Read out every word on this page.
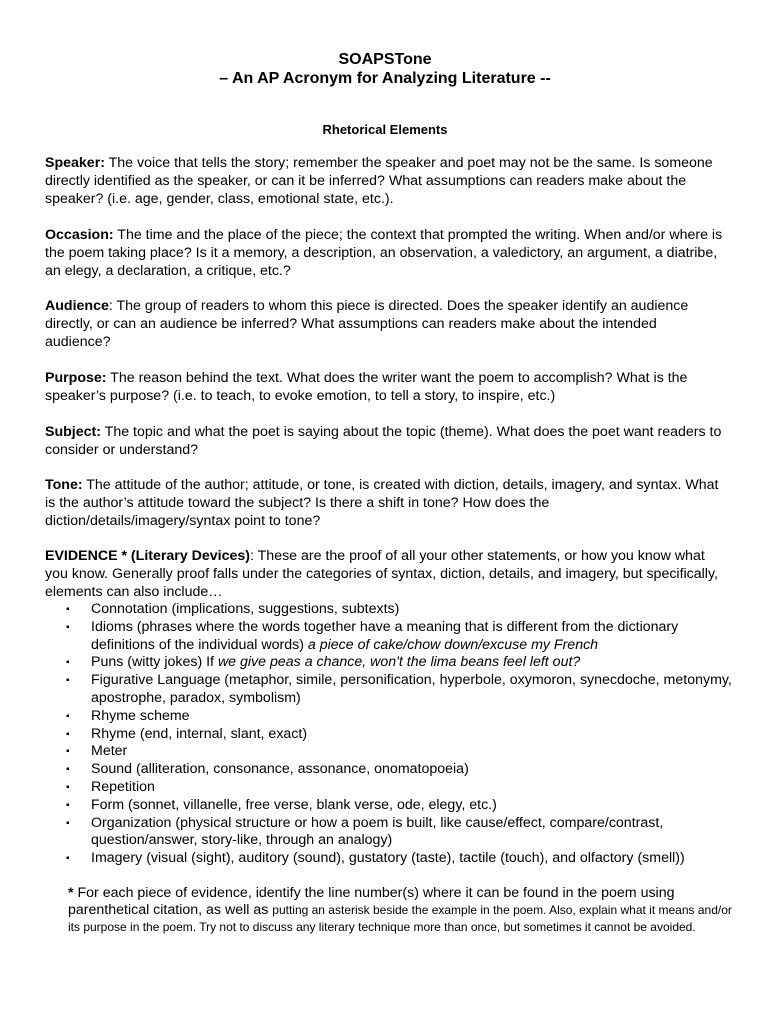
SOAPSTone
– An AP Acronym for Analyzing Literature --
Rhetorical Elements
Speaker: The voice that tells the story; remember the speaker and poet may not be the same. Is someone directly identified as the speaker, or can it be inferred? What assumptions can readers make about the speaker? (i.e. age, gender, class, emotional state, etc.).
Occasion: The time and the place of the piece; the context that prompted the writing. When and/or where is the poem taking place? Is it a memory, a description, an observation, a valedictory, an argument, a diatribe, an elegy, a declaration, a critique, etc.?
Audience: The group of readers to whom this piece is directed. Does the speaker identify an audience directly, or can an audience be inferred? What assumptions can readers make about the intended audience?
Purpose: The reason behind the text. What does the writer want the poem to accomplish? What is the speaker’s purpose? (i.e. to teach, to evoke emotion, to tell a story, to inspire, etc.)
Subject: The topic and what the poet is saying about the topic (theme). What does the poet want readers to consider or understand?
Tone: The attitude of the author; attitude, or tone, is created with diction, details, imagery, and syntax. What is the author’s attitude toward the subject? Is there a shift in tone? How does the diction/details/imagery/syntax point to tone?
EVIDENCE * (Literary Devices): These are the proof of all your other statements, or how you know what you know. Generally proof falls under the categories of syntax, diction, details, and imagery, but specifically, elements can also include…
▪ Connotation (implications, suggestions, subtexts)
▪ Idioms (phrases where the words together have a meaning that is different from the dictionary definitions of the individual words) a piece of cake/chow down/excuse my French
▪ Puns (witty jokes) If we give peas a chance, won't the lima beans feel left out?
▪ Figurative Language (metaphor, simile, personification, hyperbole, oxymoron, synecdoche, metonymy, apostrophe, paradox, symbolism)
▪ Rhyme scheme
▪ Rhyme (end, internal, slant, exact)
▪ Meter
▪ Sound (alliteration, consonance, assonance, onomatopoeia)
▪ Repetition
▪ Form (sonnet, villanelle, free verse, blank verse, ode, elegy, etc.)
▪ Organization (physical structure or how a poem is built, like cause/effect, compare/contrast, question/answer, story-like, through an analogy)
▪ Imagery (visual (sight), auditory (sound), gustatory (taste), tactile (touch), and olfactory (smell))
* For each piece of evidence, identify the line number(s) where it can be found in the poem using parenthetical citation, as well as putting an asterisk beside the example in the poem. Also, explain what it means and/or its purpose in the poem. Try not to discuss any literary technique more than once, but sometimes it cannot be avoided.
